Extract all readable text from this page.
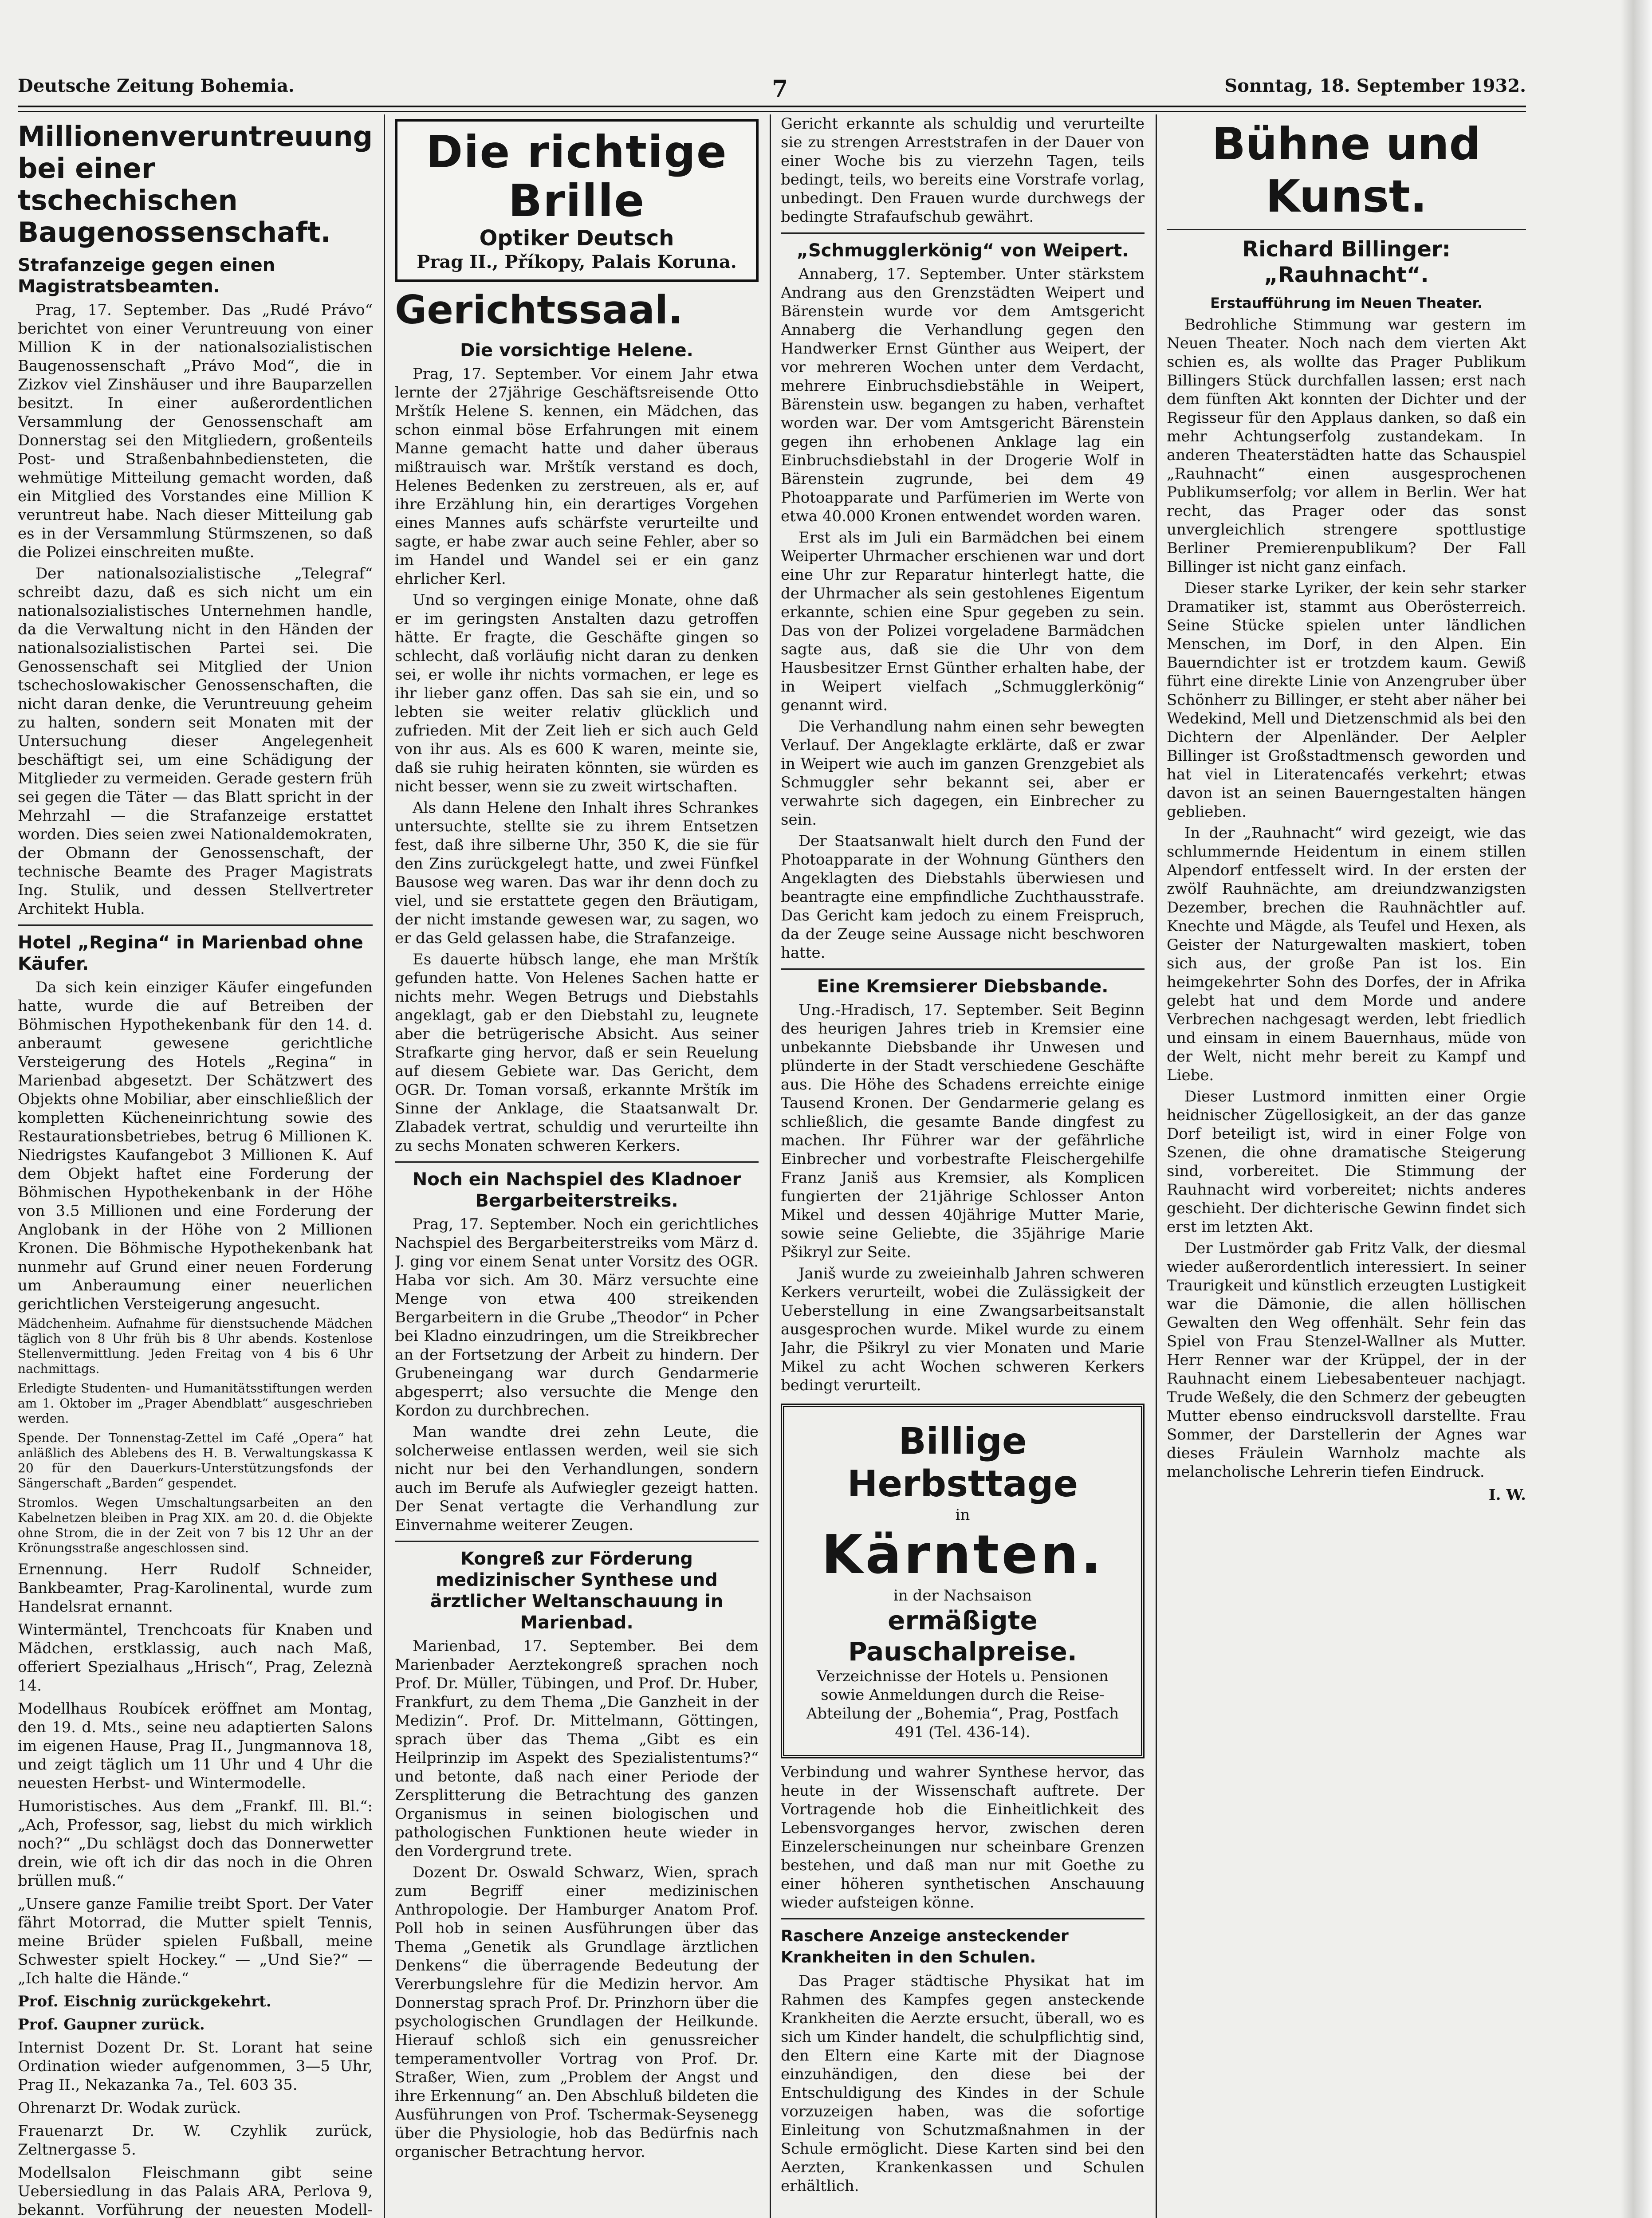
Deutsche Zeitung Bohemia.	7	Sonntag, 18. September 1932.
Millionenveruntreuung bei einer tschechischen Baugenossenschaft.
Strafanzeige gegen einen Magistratsbeamten.

Prag, 17. September. Das „Rudé Právo“ berichtet von einer Veruntreuung von einer Million K in der nationalsozialistischen Baugenossenschaft „Právo Mod“, die in Zizkov viel Zinshäuser und ihre Bauparzellen besitzt. In einer außerordentlichen Versammlung der Genossenschaft am Donnerstag sei den Mitgliedern, großenteils Post- und Straßenbahnbediensteten, die wehmütige Mitteilung gemacht worden, daß ein Mitglied des Vorstandes eine Million K veruntreut habe. Nach dieser Mitteilung gab es in der Versammlung Stürmszenen, so daß die Polizei einschreiten mußte.

Der nationalsozialistische „Telegraf“ schreibt dazu, daß es sich nicht um ein nationalsozialistisches Unternehmen handle, da die Verwaltung nicht in den Händen der nationalsozialistischen Partei sei. Die Genossenschaft sei Mitglied der Union tschechoslowakischer Genossenschaften, die nicht daran denke, die Veruntreuung geheim zu halten, sondern seit Monaten mit der Untersuchung dieser Angelegenheit beschäftigt sei, um eine Schädigung der Mitglieder zu vermeiden. Gerade gestern früh sei gegen die Täter — das Blatt spricht in der Mehrzahl — die Strafanzeige erstattet worden. Dies seien zwei Nationaldemokraten, der Obmann der Genossenschaft, der technische Beamte des Prager Magistrats Ing. Stulik, und dessen Stellvertreter Architekt Hubla.

Hotel „Regina“ in Marienbad ohne Käufer.

Da sich kein einziger Käufer eingefunden hatte, wurde die auf Betreiben der Böhmischen Hypothekenbank für den 14. d. anberaumt gewesene gerichtliche Versteigerung des Hotels „Regina“ in Marienbad abgesetzt. Der Schätzwert des Objekts ohne Mobiliar, aber einschließlich der kompletten Kücheneinrichtung sowie des Restaurationsbetriebes, betrug 6 Millionen K. Niedrigstes Kaufangebot 3 Millionen K. Auf dem Objekt haftet eine Forderung der Böhmischen Hypothekenbank in der Höhe von 3.5 Millionen und eine Forderung der Anglobank in der Höhe von 2 Millionen Kronen. Die Böhmische Hypothekenbank hat nunmehr auf Grund einer neuen Forderung um Anberaumung einer neuerlichen gerichtlichen Versteigerung angesucht.

Mädchenheim. Aufnahme für dienstsuchende Mädchen täglich von 8 Uhr früh bis 8 Uhr abends. Kostenlose Stellenvermittlung. Jeden Freitag von 4 bis 6 Uhr nachmittags.

Erledigte Studenten- und Humanitätsstiftungen werden am 1. Oktober im „Prager Abendblatt“ ausgeschrieben werden.

Spende. Der Tonnenstag-Zettel im Café „Opera“ hat anläßlich des Ablebens des H. B. Verwaltungskassa K 20 für den Dauerkurs-Unterstützungsfonds der Sängerschaft „Barden“ gespendet.

Stromlos. Wegen Umschaltungsarbeiten an den Kabelnetzen bleiben in Prag XIX. am 20. d. die Objekte ohne Strom, die in der Zeit von 7 bis 12 Uhr an der Krönungsstraße angeschlossen sind.

Ernennung. Herr Rudolf Schneider, Bankbeamter, Prag-Karolinental, wurde zum Handelsrat ernannt.

Wintermäntel, Trenchcoats für Knaben und Mädchen, erstklassig, auch nach Maß, offeriert Spezialhaus „Hrisch“, Prag, Zeleznà 14.

Modellhaus Roubícek eröffnet am Montag, den 19. d. Mts., seine neu adaptierten Salons im eigenen Hause, Prag II., Jungmannova 18, und zeigt täglich um 11 Uhr und 4 Uhr die neuesten Herbst- und Wintermodelle.

Humoristisches. Aus dem „Frankf. Ill. Bl.“: „Ach, Professor, sag, liebst du mich wirklich noch?“ „Du schlägst doch das Donnerwetter drein, wie oft ich dir das noch in die Ohren brüllen muß.“

„Unsere ganze Familie treibt Sport. Der Vater fährt Motorrad, die Mutter spielt Tennis, meine Brüder spielen Fußball, meine Schwester spielt Hockey.“ — „Und Sie?“ — „Ich halte die Hände.“

Prof. Eischnig zurückgekehrt.

Prof. Gaupner zurück.

Internist Dozent Dr. St. Lorant hat seine Ordination wieder aufgenommen, 3—5 Uhr, Prag II., Nekazanka 7a., Tel. 603 35.

Ohrenarzt Dr. Wodak zurück.

Frauenarzt Dr. W. Czyhlik zurück, Zeltnergasse 5.

Modellsalon Fleischmann gibt seine Uebersiedlung in das Palais ARA, Perlova 9, bekannt. Vorführung der neuesten Modell-

Die richtige Brille
Optiker Deutsch
Prag II., Příkopy, Palais Koruna.
Gerichtssaal.
Die vorsichtige Helene.

Prag, 17. September. Vor einem Jahr etwa lernte der 27jährige Geschäftsreisende Otto Mrštík Helene S. kennen, ein Mädchen, das schon einmal böse Erfahrungen mit einem Manne gemacht hatte und daher überaus mißtrauisch war. Mrštík verstand es doch, Helenes Bedenken zu zerstreuen, als er, auf ihre Erzählung hin, ein derartiges Vorgehen eines Mannes aufs schärfste verurteilte und sagte, er habe zwar auch seine Fehler, aber so im Handel und Wandel sei er ein ganz ehrlicher Kerl.

Und so vergingen einige Monate, ohne daß er im geringsten Anstalten dazu getroffen hätte. Er fragte, die Geschäfte gingen so schlecht, daß vorläufig nicht daran zu denken sei, er wolle ihr nichts vormachen, er lege es ihr lieber ganz offen. Das sah sie ein, und so lebten sie weiter relativ glücklich und zufrieden. Mit der Zeit lieh er sich auch Geld von ihr aus. Als es 600 K waren, meinte sie, daß sie ruhig heiraten könnten, sie würden es nicht besser, wenn sie zu zweit wirtschaften.

Als dann Helene den Inhalt ihres Schrankes untersuchte, stellte sie zu ihrem Entsetzen fest, daß ihre silberne Uhr, 350 K, die sie für den Zins zurückgelegt hatte, und zwei Fünfkel Bausose weg waren. Das war ihr denn doch zu viel, und sie erstattete gegen den Bräutigam, der nicht imstande gewesen war, zu sagen, wo er das Geld gelassen habe, die Strafanzeige.

Es dauerte hübsch lange, ehe man Mrštík gefunden hatte. Von Helenes Sachen hatte er nichts mehr. Wegen Betrugs und Diebstahls angeklagt, gab er den Diebstahl zu, leugnete aber die betrügerische Absicht. Aus seiner Strafkarte ging hervor, daß er sein Reuelung auf diesem Gebiete war. Das Gericht, dem OGR. Dr. Toman vorsaß, erkannte Mrštík im Sinne der Anklage, die Staatsanwalt Dr. Zlabadek vertrat, schuldig und verurteilte ihn zu sechs Monaten schweren Kerkers.

Noch ein Nachspiel des Kladnoer Bergarbeiterstreiks.

Prag, 17. September. Noch ein gerichtliches Nachspiel des Bergarbeiterstreiks vom März d. J. ging vor einem Senat unter Vorsitz des OGR. Haba vor sich. Am 30. März versuchte eine Menge von etwa 400 streikenden Bergarbeitern in die Grube „Theodor“ in Pcher bei Kladno einzudringen, um die Streikbrecher an der Fortsetzung der Arbeit zu hindern. Der Grubeneingang war durch Gendarmerie abgesperrt; also versuchte die Menge den Kordon zu durchbrechen.

Man wandte drei zehn Leute, die solcherweise entlassen werden, weil sie sich nicht nur bei den Verhandlungen, sondern auch im Berufe als Aufwiegler gezeigt hatten. Der Senat vertagte die Verhandlung zur Einvernahme weiterer Zeugen.

Kongreß zur Förderung medizinischer Synthese und ärztlicher Weltanschauung in Marienbad.

Marienbad, 17. September. Bei dem Marienbader Aerztekongreß sprachen noch Prof. Dr. Müller, Tübingen, und Prof. Dr. Huber, Frankfurt, zu dem Thema „Die Ganzheit in der Medizin“. Prof. Dr. Mittelmann, Göttingen, sprach über das Thema „Gibt es ein Heilprinzip im Aspekt des Spezialistentums?“ und betonte, daß nach einer Periode der Zersplitterung die Betrachtung des ganzen Organismus in seinen biologischen und pathologischen Funktionen heute wieder in den Vordergrund trete.

Dozent Dr. Oswald Schwarz, Wien, sprach zum Begriff einer medizinischen Anthropologie. Der Hamburger Anatom Prof. Poll hob in seinen Ausführungen über das Thema „Genetik als Grundlage ärztlichen Denkens“ die überragende Bedeutung der Vererbungslehre für die Medizin hervor. Am Donnerstag sprach Prof. Dr. Prinzhorn über die psychologischen Grundlagen der Heilkunde. Hierauf schloß sich ein genussreicher temperamentvoller Vortrag von Prof. Dr. Straßer, Wien, zum „Problem der Angst und ihre Erkennung“ an. Den Abschluß bildeten die Ausführungen von Prof. Tschermak-Seysenegg über die Physiologie, hob das Bedürfnis nach organischer Betrachtung hervor.

Gericht erkannte als schuldig und verurteilte sie zu strengen Arreststrafen in der Dauer von einer Woche bis zu vierzehn Tagen, teils bedingt, teils, wo bereits eine Vorstrafe vorlag, unbedingt. Den Frauen wurde durchwegs der bedingte Strafaufschub gewährt.

„Schmugglerkönig“ von Weipert.

Annaberg, 17. September. Unter stärkstem Andrang aus den Grenzstädten Weipert und Bärenstein wurde vor dem Amtsgericht Annaberg die Verhandlung gegen den Handwerker Ernst Günther aus Weipert, der vor mehreren Wochen unter dem Verdacht, mehrere Einbruchsdiebstähle in Weipert, Bärenstein usw. begangen zu haben, verhaftet worden war. Der vom Amtsgericht Bärenstein gegen ihn erhobenen Anklage lag ein Einbruchsdiebstahl in der Drogerie Wolf in Bärenstein zugrunde, bei dem 49 Photoapparate und Parfümerien im Werte von etwa 40.000 Kronen entwendet worden waren.

Erst als im Juli ein Barmädchen bei einem Weiperter Uhrmacher erschienen war und dort eine Uhr zur Reparatur hinterlegt hatte, die der Uhrmacher als sein gestohlenes Eigentum erkannte, schien eine Spur gegeben zu sein. Das von der Polizei vorgeladene Barmädchen sagte aus, daß sie die Uhr von dem Hausbesitzer Ernst Günther erhalten habe, der in Weipert vielfach „Schmugglerkönig“ genannt wird.

Die Verhandlung nahm einen sehr bewegten Verlauf. Der Angeklagte erklärte, daß er zwar in Weipert wie auch im ganzen Grenzgebiet als Schmuggler sehr bekannt sei, aber er verwahrte sich dagegen, ein Einbrecher zu sein.

Der Staatsanwalt hielt durch den Fund der Photoapparate in der Wohnung Günthers den Angeklagten des Diebstahls überwiesen und beantragte eine empfindliche Zuchthausstrafe. Das Gericht kam jedoch zu einem Freispruch, da der Zeuge seine Aussage nicht beschworen hatte.

Eine Kremsierer Diebsbande.

Ung.-Hradisch, 17. September. Seit Beginn des heurigen Jahres trieb in Kremsier eine unbekannte Diebsbande ihr Unwesen und plünderte in der Stadt verschiedene Geschäfte aus. Die Höhe des Schadens erreichte einige Tausend Kronen. Der Gendarmerie gelang es schließlich, die gesamte Bande dingfest zu machen. Ihr Führer war der gefährliche Einbrecher und vorbestrafte Fleischergehilfe Franz Janiš aus Kremsier, als Komplicen fungierten der 21jährige Schlosser Anton Mikel und dessen 40jährige Mutter Marie, sowie seine Geliebte, die 35jährige Marie Pšikryl zur Seite.

Janiš wurde zu zweieinhalb Jahren schweren Kerkers verurteilt, wobei die Zulässigkeit der Ueberstellung in eine Zwangsarbeitsanstalt ausgesprochen wurde. Mikel wurde zu einem Jahr, die Pšikryl zu vier Monaten und Marie Mikel zu acht Wochen schweren Kerkers bedingt verurteilt.

Billige Herbsttage
in
Kärnten.
in der Nachsaison
ermäßigte Pauschalpreise.
Verzeichnisse der Hotels u. Pensionen sowie Anmeldungen durch die Reise-Abteilung der „Bohemia“, Prag, Postfach 491 (Tel. 436-14).

Verbindung und wahrer Synthese hervor, das heute in der Wissenschaft auftrete. Der Vortragende hob die Einheitlichkeit des Lebensvorganges hervor, zwischen deren Einzelerscheinungen nur scheinbare Grenzen bestehen, und daß man nur mit Goethe zu einer höheren synthetischen Anschauung wieder aufsteigen könne.

Raschere Anzeige ansteckender Krankheiten in den Schulen.

Das Prager städtische Physikat hat im Rahmen des Kampfes gegen ansteckende Krankheiten die Aerzte ersucht, überall, wo es sich um Kinder handelt, die schulpflichtig sind, den Eltern eine Karte mit der Diagnose einzuhändigen, den diese bei der Entschuldigung des Kindes in der Schule vorzuzeigen haben, was die sofortige Einleitung von Schutzmaßnahmen in der Schule ermöglicht. Diese Karten sind bei den Aerzten, Krankenkassen und Schulen erhältlich.

Bühne und Kunst.
Richard Billinger: „Rauhnacht“.
Erstaufführung im Neuen Theater.

Bedrohliche Stimmung war gestern im Neuen Theater. Noch nach dem vierten Akt schien es, als wollte das Prager Publikum Billingers Stück durchfallen lassen; erst nach dem fünften Akt konnten der Dichter und der Regisseur für den Applaus danken, so daß ein mehr Achtungserfolg zustandekam. In anderen Theaterstädten hatte das Schauspiel „Rauhnacht“ einen ausgesprochenen Publikumserfolg; vor allem in Berlin. Wer hat recht, das Prager oder das sonst unvergleichlich strengere spottlustige Berliner Premierenpublikum? Der Fall Billinger ist nicht ganz einfach.

Dieser starke Lyriker, der kein sehr starker Dramatiker ist, stammt aus Oberösterreich. Seine Stücke spielen unter ländlichen Menschen, im Dorf, in den Alpen. Ein Bauerndichter ist er trotzdem kaum. Gewiß führt eine direkte Linie von Anzengruber über Schönherr zu Billinger, er steht aber näher bei Wedekind, Mell und Dietzenschmid als bei den Dichtern der Alpenländer. Der Aelpler Billinger ist Großstadtmensch geworden und hat viel in Literatencafés verkehrt; etwas davon ist an seinen Bauerngestalten hängen geblieben.

In der „Rauhnacht“ wird gezeigt, wie das schlummernde Heidentum in einem stillen Alpendorf entfesselt wird. In der ersten der zwölf Rauhnächte, am dreiundzwanzigsten Dezember, brechen die Rauhnächtler auf. Knechte und Mägde, als Teufel und Hexen, als Geister der Naturgewalten maskiert, toben sich aus, der große Pan ist los. Ein heimgekehrter Sohn des Dorfes, der in Afrika gelebt hat und dem Morde und andere Verbrechen nachgesagt werden, lebt friedlich und einsam in einem Bauernhaus, müde von der Welt, nicht mehr bereit zu Kampf und Liebe.

Dieser Lustmord inmitten einer Orgie heidnischer Zügellosigkeit, an der das ganze Dorf beteiligt ist, wird in einer Folge von Szenen, die ohne dramatische Steigerung sind, vorbereitet. Die Stimmung der Rauhnacht wird vorbereitet; nichts anderes geschieht. Der dichterische Gewinn findet sich erst im letzten Akt.

Der Lustmörder gab Fritz Valk, der diesmal wieder außerordentlich interessiert. In seiner Traurigkeit und künstlich erzeugten Lustigkeit war die Dämonie, die allen höllischen Gewalten den Weg offenhält. Sehr fein das Spiel von Frau Stenzel-Wallner als Mutter. Herr Renner war der Krüppel, der in der Rauhnacht einem Liebesabenteuer nachjagt. Trude Weßely, die den Schmerz der gebeugten Mutter ebenso eindrucksvoll darstellte. Frau Sommer, der Darstellerin der Agnes war dieses Fräulein Warnholz machte als melancholische Lehrerin tiefen Eindruck.

I. W.
